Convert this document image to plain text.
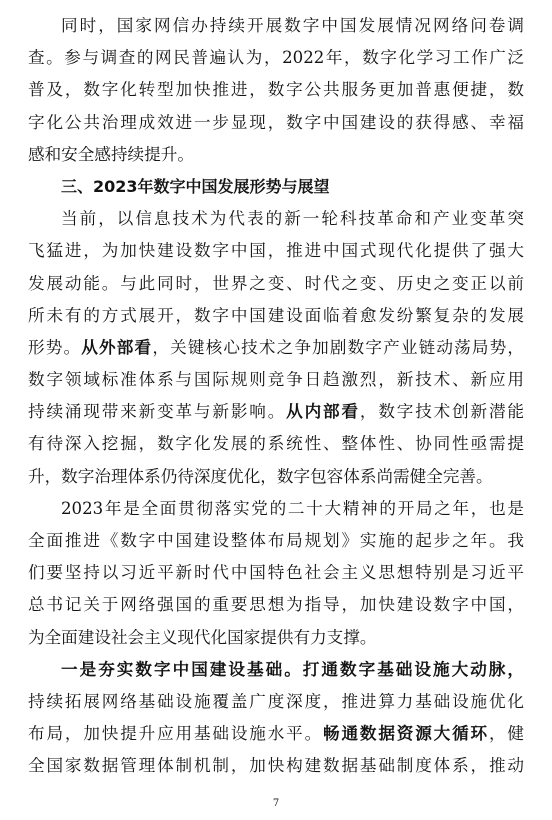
同时，国家网信办持续开展数字中国发展情况网络问卷调
查。参与调查的网民普遍认为，2022年，数字化学习工作广泛
普及，数字化转型加快推进，数字公共服务更加普惠便捷，数
字化公共治理成效进一步显现，数字中国建设的获得感、幸福
感和安全感持续提升。
三、2023年数字中国发展形势与展望
当前，以信息技术为代表的新一轮科技革命和产业变革突
飞猛进，为加快建设数字中国，推进中国式现代化提供了强大
发展动能。与此同时，世界之变、时代之变、历史之变正以前
所未有的方式展开，数字中国建设面临着愈发纷繁复杂的发展
形势。从外部看，关键核心技术之争加剧数字产业链动荡局势，
数字领域标准体系与国际规则竞争日趋激烈，新技术、新应用
持续涌现带来新变革与新影响。从内部看，数字技术创新潜能
有待深入挖掘，数字化发展的系统性、整体性、协同性亟需提
升，数字治理体系仍待深度优化，数字包容体系尚需健全完善。
2023年是全面贯彻落实党的二十大精神的开局之年，也是
全面推进《数字中国建设整体布局规划》实施的起步之年。我
们要坚持以习近平新时代中国特色社会主义思想特别是习近平
总书记关于网络强国的重要思想为指导，加快建设数字中国，
为全面建设社会主义现代化国家提供有力支撑。
一是夯实数字中国建设基础。打通数字基础设施大动脉，
持续拓展网络基础设施覆盖广度深度，推进算力基础设施优化
布局，加快提升应用基础设施水平。畅通数据资源大循环，健
全国家数据管理体制机制，加快构建数据基础制度体系，推动
7
